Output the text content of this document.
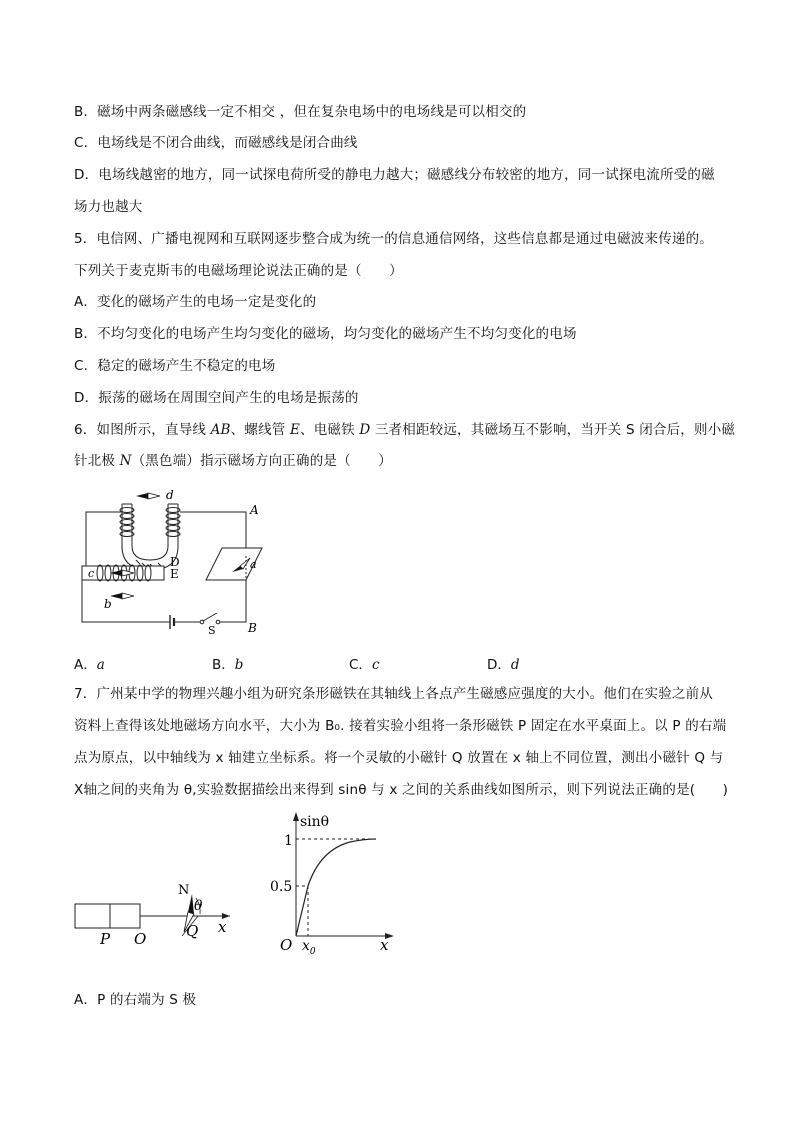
B．磁场中两条磁感线一定不相交 ，但在复杂电场中的电场线是可以相交的
C．电场线是不闭合曲线，而磁感线是闭合曲线
D．电场线越密的地方，同一试探电荷所受的静电力越大；磁感线分布较密的地方，同一试探电流所受的磁
场力也越大
5．电信网、广播电视网和互联网逐步整合成为统一的信息通信网络，这些信息都是通过电磁波来传递的。
下列关于麦克斯韦的电磁场理论说法正确的是（　　）
A．变化的磁场产生的电场一定是变化的
B．不均匀变化的电场产生均匀变化的磁场，均匀变化的磁场产生不均匀变化的电场
C．稳定的磁场产生不稳定的电场
D．振荡的磁场在周围空间产生的电场是振荡的
6．如图所示，直导线 AB、螺线管 E、电磁铁 D 三者相距较远，其磁场互不影响，当开关 S 闭合后，则小磁
针北极 N（黑色端）指示磁场方向正确的是（　　）
d
A
D	a
c	E
b
S	B
A．a	B．b	C．c	D．d
7．广州某中学的物理兴趣小组为研究条形磁铁在其轴线上各点产生磁感应强度的大小。他们在实验之前从
资料上查得该处地磁场方向水平，大小为 B₀. 接着实验小组将一条形磁铁 P 固定在水平桌面上。以 P 的右端
点为原点，以中轴线为 x 轴建立坐标系。将一个灵敏的小磁针 Q 放置在 x 轴上不同位置，测出小磁针 Q 与
X轴之间的夹角为 θ,实验数据描绘出来得到 sinθ 与 x 之间的关系曲线如图所示，则下列说法正确的是(　　)
N
θ
P O	Q x
sinθ
1
0.5
O $x_0$	x
A．P 的右端为 S 极
